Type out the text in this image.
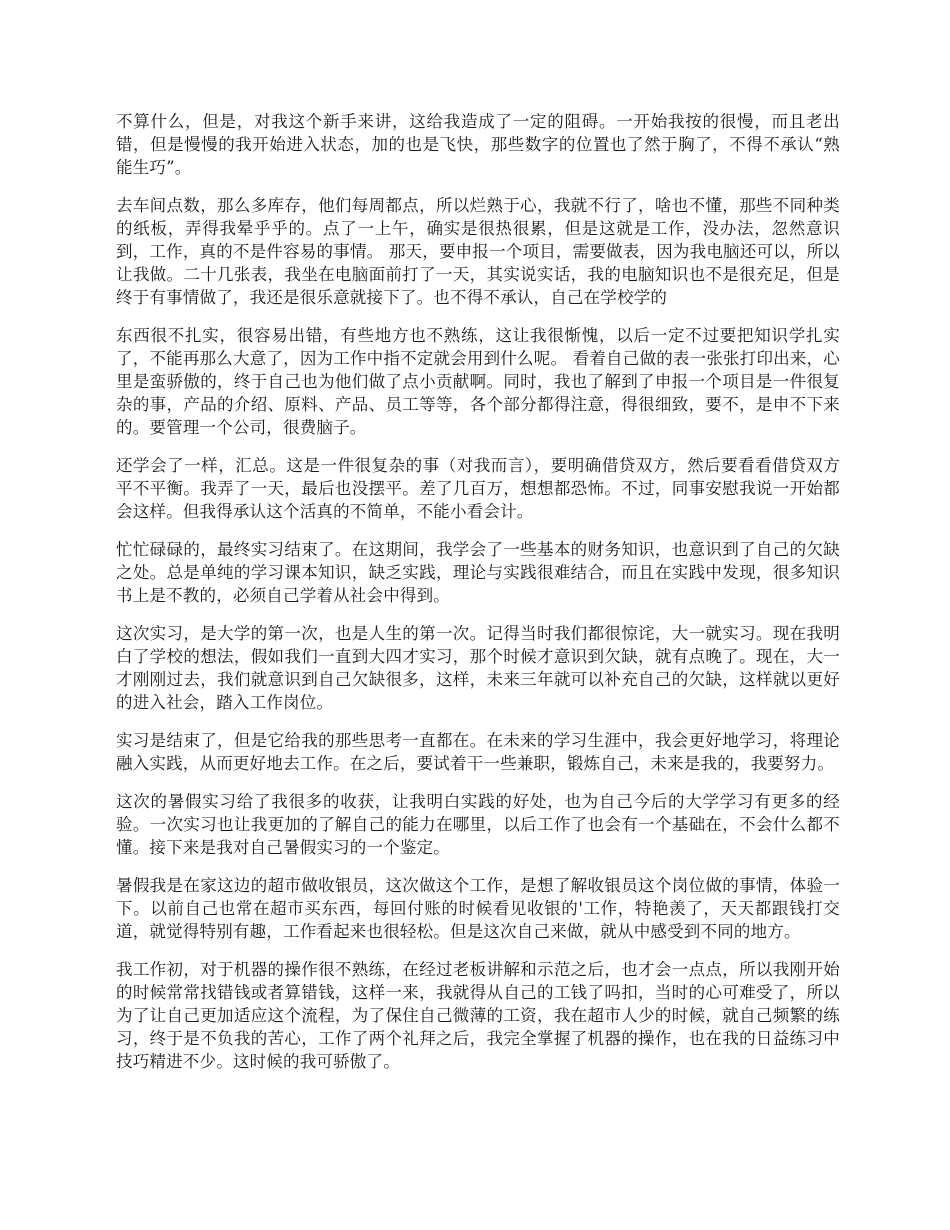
不算什么，但是，对我这个新手来讲，这给我造成了一定的阻碍。一开始我按的很慢，而且老出错，但是慢慢的我开始进入状态，加的也是飞快，那些数字的位置也了然于胸了，不得不承认“熟能生巧”。

去车间点数，那么多库存，他们每周都点，所以烂熟于心，我就不行了，啥也不懂，那些不同种类的纸板，弄得我晕乎乎的。点了一上午，确实是很热很累，但是这就是工作，没办法，忽然意识到，工作，真的不是件容易的事情。 那天，要申报一个项目，需要做表，因为我电脑还可以，所以让我做。二十几张表，我坐在电脑面前打了一天，其实说实话，我的电脑知识也不是很充足，但是终于有事情做了，我还是很乐意就接下了。也不得不承认，自己在学校学的

东西很不扎实，很容易出错，有些地方也不熟练，这让我很惭愧，以后一定不过要把知识学扎实了，不能再那么大意了，因为工作中指不定就会用到什么呢。 看着自己做的表一张张打印出来，心里是蛮骄傲的，终于自己也为他们做了点小贡献啊。同时，我也了解到了申报一个项目是一件很复杂的事，产品的介绍、原料、产品、员工等等，各个部分都得注意，得很细致，要不，是申不下来的。要管理一个公司，很费脑子。

还学会了一样，汇总。这是一件很复杂的事（对我而言），要明确借贷双方，然后要看看借贷双方平不平衡。我弄了一天，最后也没摆平。差了几百万，想想都恐怖。不过，同事安慰我说一开始都会这样。但我得承认这个活真的不简单，不能小看会计。

忙忙碌碌的，最终实习结束了。在这期间，我学会了一些基本的财务知识，也意识到了自己的欠缺之处。总是单纯的学习课本知识，缺乏实践，理论与实践很难结合，而且在实践中发现，很多知识书上是不教的，必须自己学着从社会中得到。

这次实习，是大学的第一次，也是人生的第一次。记得当时我们都很惊诧，大一就实习。现在我明白了学校的想法，假如我们一直到大四才实习，那个时候才意识到欠缺，就有点晚了。现在，大一才刚刚过去，我们就意识到自己欠缺很多，这样，未来三年就可以补充自己的欠缺，这样就以更好的进入社会，踏入工作岗位。

实习是结束了，但是它给我的那些思考一直都在。在未来的学习生涯中，我会更好地学习，将理论融入实践，从而更好地去工作。在之后，要试着干一些兼职，锻炼自己，未来是我的，我要努力。

这次的暑假实习给了我很多的收获，让我明白实践的好处，也为自己今后的大学学习有更多的经验。一次实习也让我更加的了解自己的能力在哪里，以后工作了也会有一个基础在，不会什么都不懂。接下来是我对自己暑假实习的一个鉴定。

暑假我是在家这边的超市做收银员，这次做这个工作，是想了解收银员这个岗位做的事情，体验一下。以前自己也常在超市买东西，每回付账的时候看见收银的'工作，特艳羡了，天天都跟钱打交道，就觉得特别有趣，工作看起来也很轻松。但是这次自己来做，就从中感受到不同的地方。

我工作初，对于机器的操作很不熟练，在经过老板讲解和示范之后，也才会一点点，所以我刚开始的时候常常找错钱或者算错钱，这样一来，我就得从自己的工钱了吗扣，当时的心可难受了，所以为了让自己更加适应这个流程，为了保住自己微薄的工资，我在超市人少的时候，就自己频繁的练习，终于是不负我的苦心，工作了两个礼拜之后，我完全掌握了机器的操作，也在我的日益练习中技巧精进不少。这时候的我可骄傲了。
